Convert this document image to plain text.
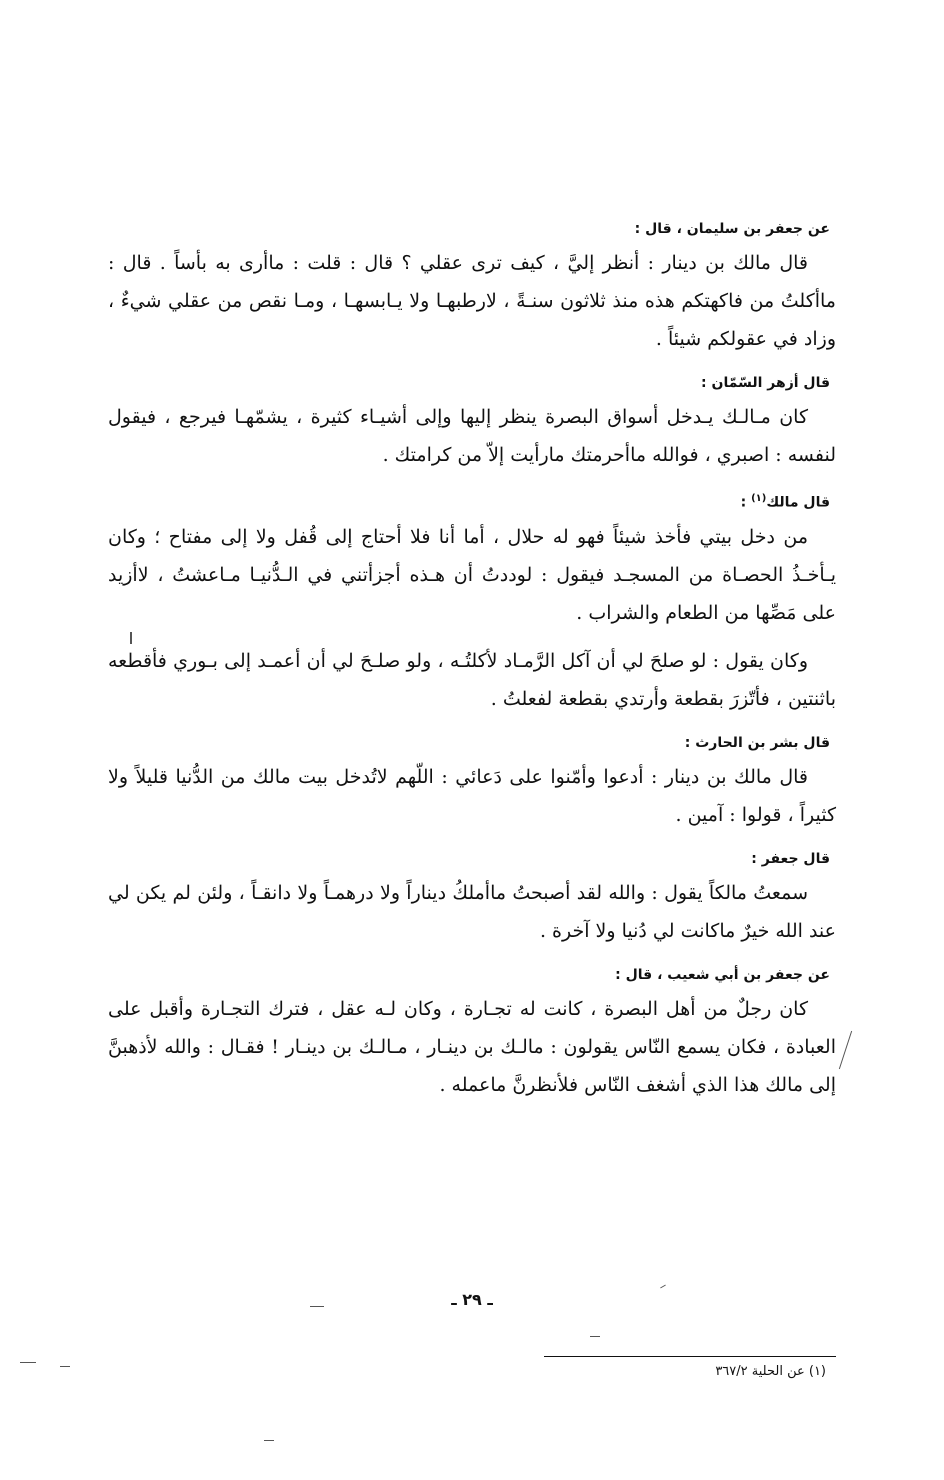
عن جعفر بن سليمان ، قال :

قال مالك بن دينار : أنظر إليَّ ، كيف ترى عقلي ؟ قال : قلت : ماأرى به بأساً . قال : ماأكلتُ من فاكهتكم هذه منذ ثلاثون سنـةً ، لارطبهـا ولا يـابسهـا ، ومـا نقص من عقلي شيءٌ ، وزاد في عقولكم شيئاً .

قال أزهر السّمّان :

كان مـالـك يـدخل أسواق البصرة ينظر إليها وإلى أشيـاء كثيرة ، يشمّهـا فيرجع ، فيقول لنفسه : اصبري ، فوالله ماأحرمتك مارأيت إلاّ من كرامتك .

قال مالك$^{(١)}$ :

من دخل بيتي فأخذ شيئاً فهو له حلال ، أما أنا فلا أحتاج إلى قُفل ولا إلى مفتاح ؛ وكان يـأخـذُ الحصـاة من المسجـد فيقول : لوددتُ أن هـذه أجزأتني في الـدُّنيـا مـاعشتُ ، لاأزيد على مَصِّها من الطعام والشراب .

وكان يقول : لو صلحَ لي أن آكل الرَّمـاد لأكلتُـه ، ولو صلـحَ لي أن أعمـد إلى بـوري فأقطعه باثنتين ، فأتّزرَ بقطعة وأرتدي بقطعة لفعلتُ .

قال بشر بن الحارث :

قال مالك بن دينار : أدعوا وأمّنوا على دَعائي : اللّهم لاتُدخل بيت مالك من الدُّنيا قليلاً ولا كثيراً ، قولوا : آمين .

قال جعفر :

سمعتُ مالكاً يقول : والله لقد أصبحتُ ماأملكُ ديناراً ولا درهمـاً ولا دانقـاً ، ولئن لم يكن لي عند الله خيرٌ ماكانت لي دُنيا ولا آخرة .

عن جعفر بن أبي شعيب ، قال :

كان رجلٌ من أهل البصرة ، كانت له تجـارة ، وكان لـه عقل ، فترك التجـارة وأقبل على العبادة ، فكان يسمع النّاس يقولون : مالـك بن دينـار ، مـالـك بن دينـار ! فقـال : والله لأذهبنَّ إلى مالك هذا الذي أشغف النّاس فلأنظرنَّ ماعمله .

(١) عن الحلية ٣٦٧/٢
ـ ٢٩ ـ
